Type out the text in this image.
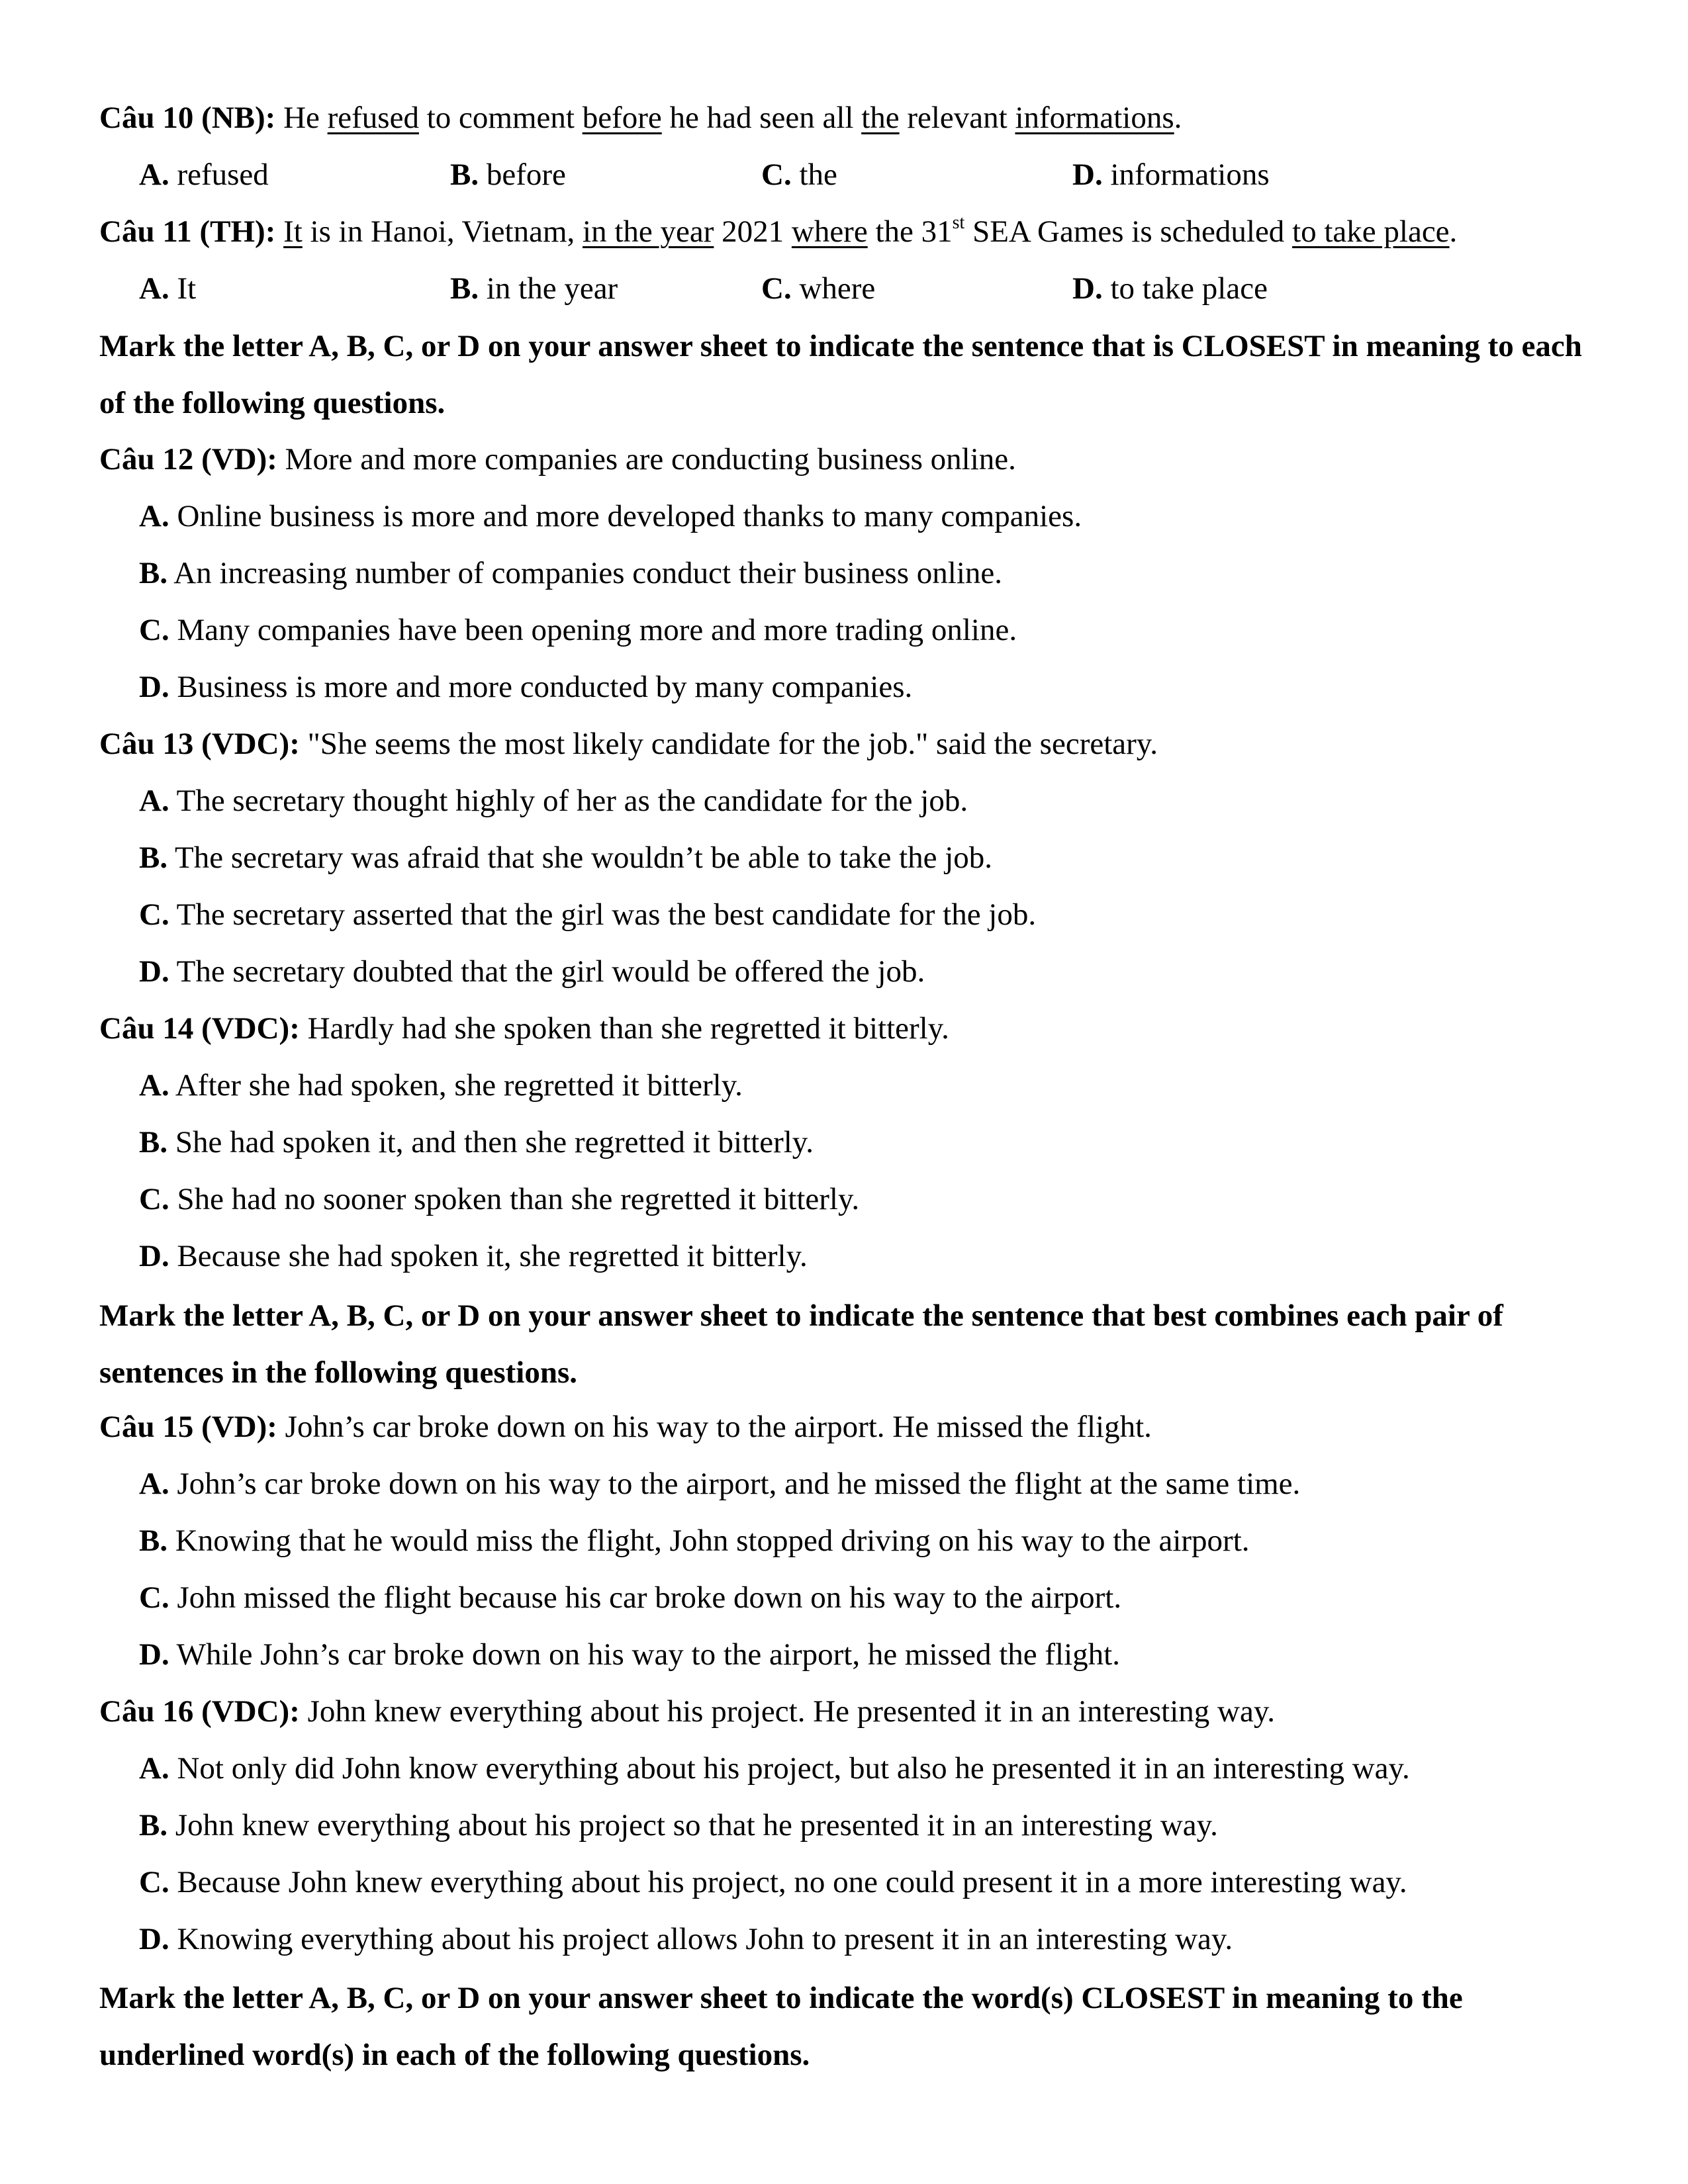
Câu 10 (NB): He refused to comment before he had seen all the relevant informations.
A. refused	B. before	C. the	D. informations
Câu 11 (TH): It is in Hanoi, Vietnam, in the year 2021 where the 31st SEA Games is scheduled to take place.
A. It	B. in the year	C. where	D. to take place
Mark the letter A, B, C, or D on your answer sheet to indicate the sentence that is CLOSEST in meaning to each of the following questions.
Câu 12 (VD): More and more companies are conducting business online.
A. Online business is more and more developed thanks to many companies.
B. An increasing number of companies conduct their business online.
C. Many companies have been opening more and more trading online.
D. Business is more and more conducted by many companies.
Câu 13 (VDC): "She seems the most likely candidate for the job." said the secretary.
A. The secretary thought highly of her as the candidate for the job.
B. The secretary was afraid that she wouldn’t be able to take the job.
C. The secretary asserted that the girl was the best candidate for the job.
D. The secretary doubted that the girl would be offered the job.
Câu 14 (VDC): Hardly had she spoken than she regretted it bitterly.
A. After she had spoken, she regretted it bitterly.
B. She had spoken it, and then she regretted it bitterly.
C. She had no sooner spoken than she regretted it bitterly.
D. Because she had spoken it, she regretted it bitterly.
Mark the letter A, B, C, or D on your answer sheet to indicate the sentence that best combines each pair of sentences in the following questions.
Câu 15 (VD): John’s car broke down on his way to the airport. He missed the flight.
A. John’s car broke down on his way to the airport, and he missed the flight at the same time.
B. Knowing that he would miss the flight, John stopped driving on his way to the airport.
C. John missed the flight because his car broke down on his way to the airport.
D. While John’s car broke down on his way to the airport, he missed the flight.
Câu 16 (VDC): John knew everything about his project. He presented it in an interesting way.
A. Not only did John know everything about his project, but also he presented it in an interesting way.
B. John knew everything about his project so that he presented it in an interesting way.
C. Because John knew everything about his project, no one could present it in a more interesting way.
D. Knowing everything about his project allows John to present it in an interesting way.
Mark the letter A, B, C, or D on your answer sheet to indicate the word(s) CLOSEST in meaning to the underlined word(s) in each of the following questions.
